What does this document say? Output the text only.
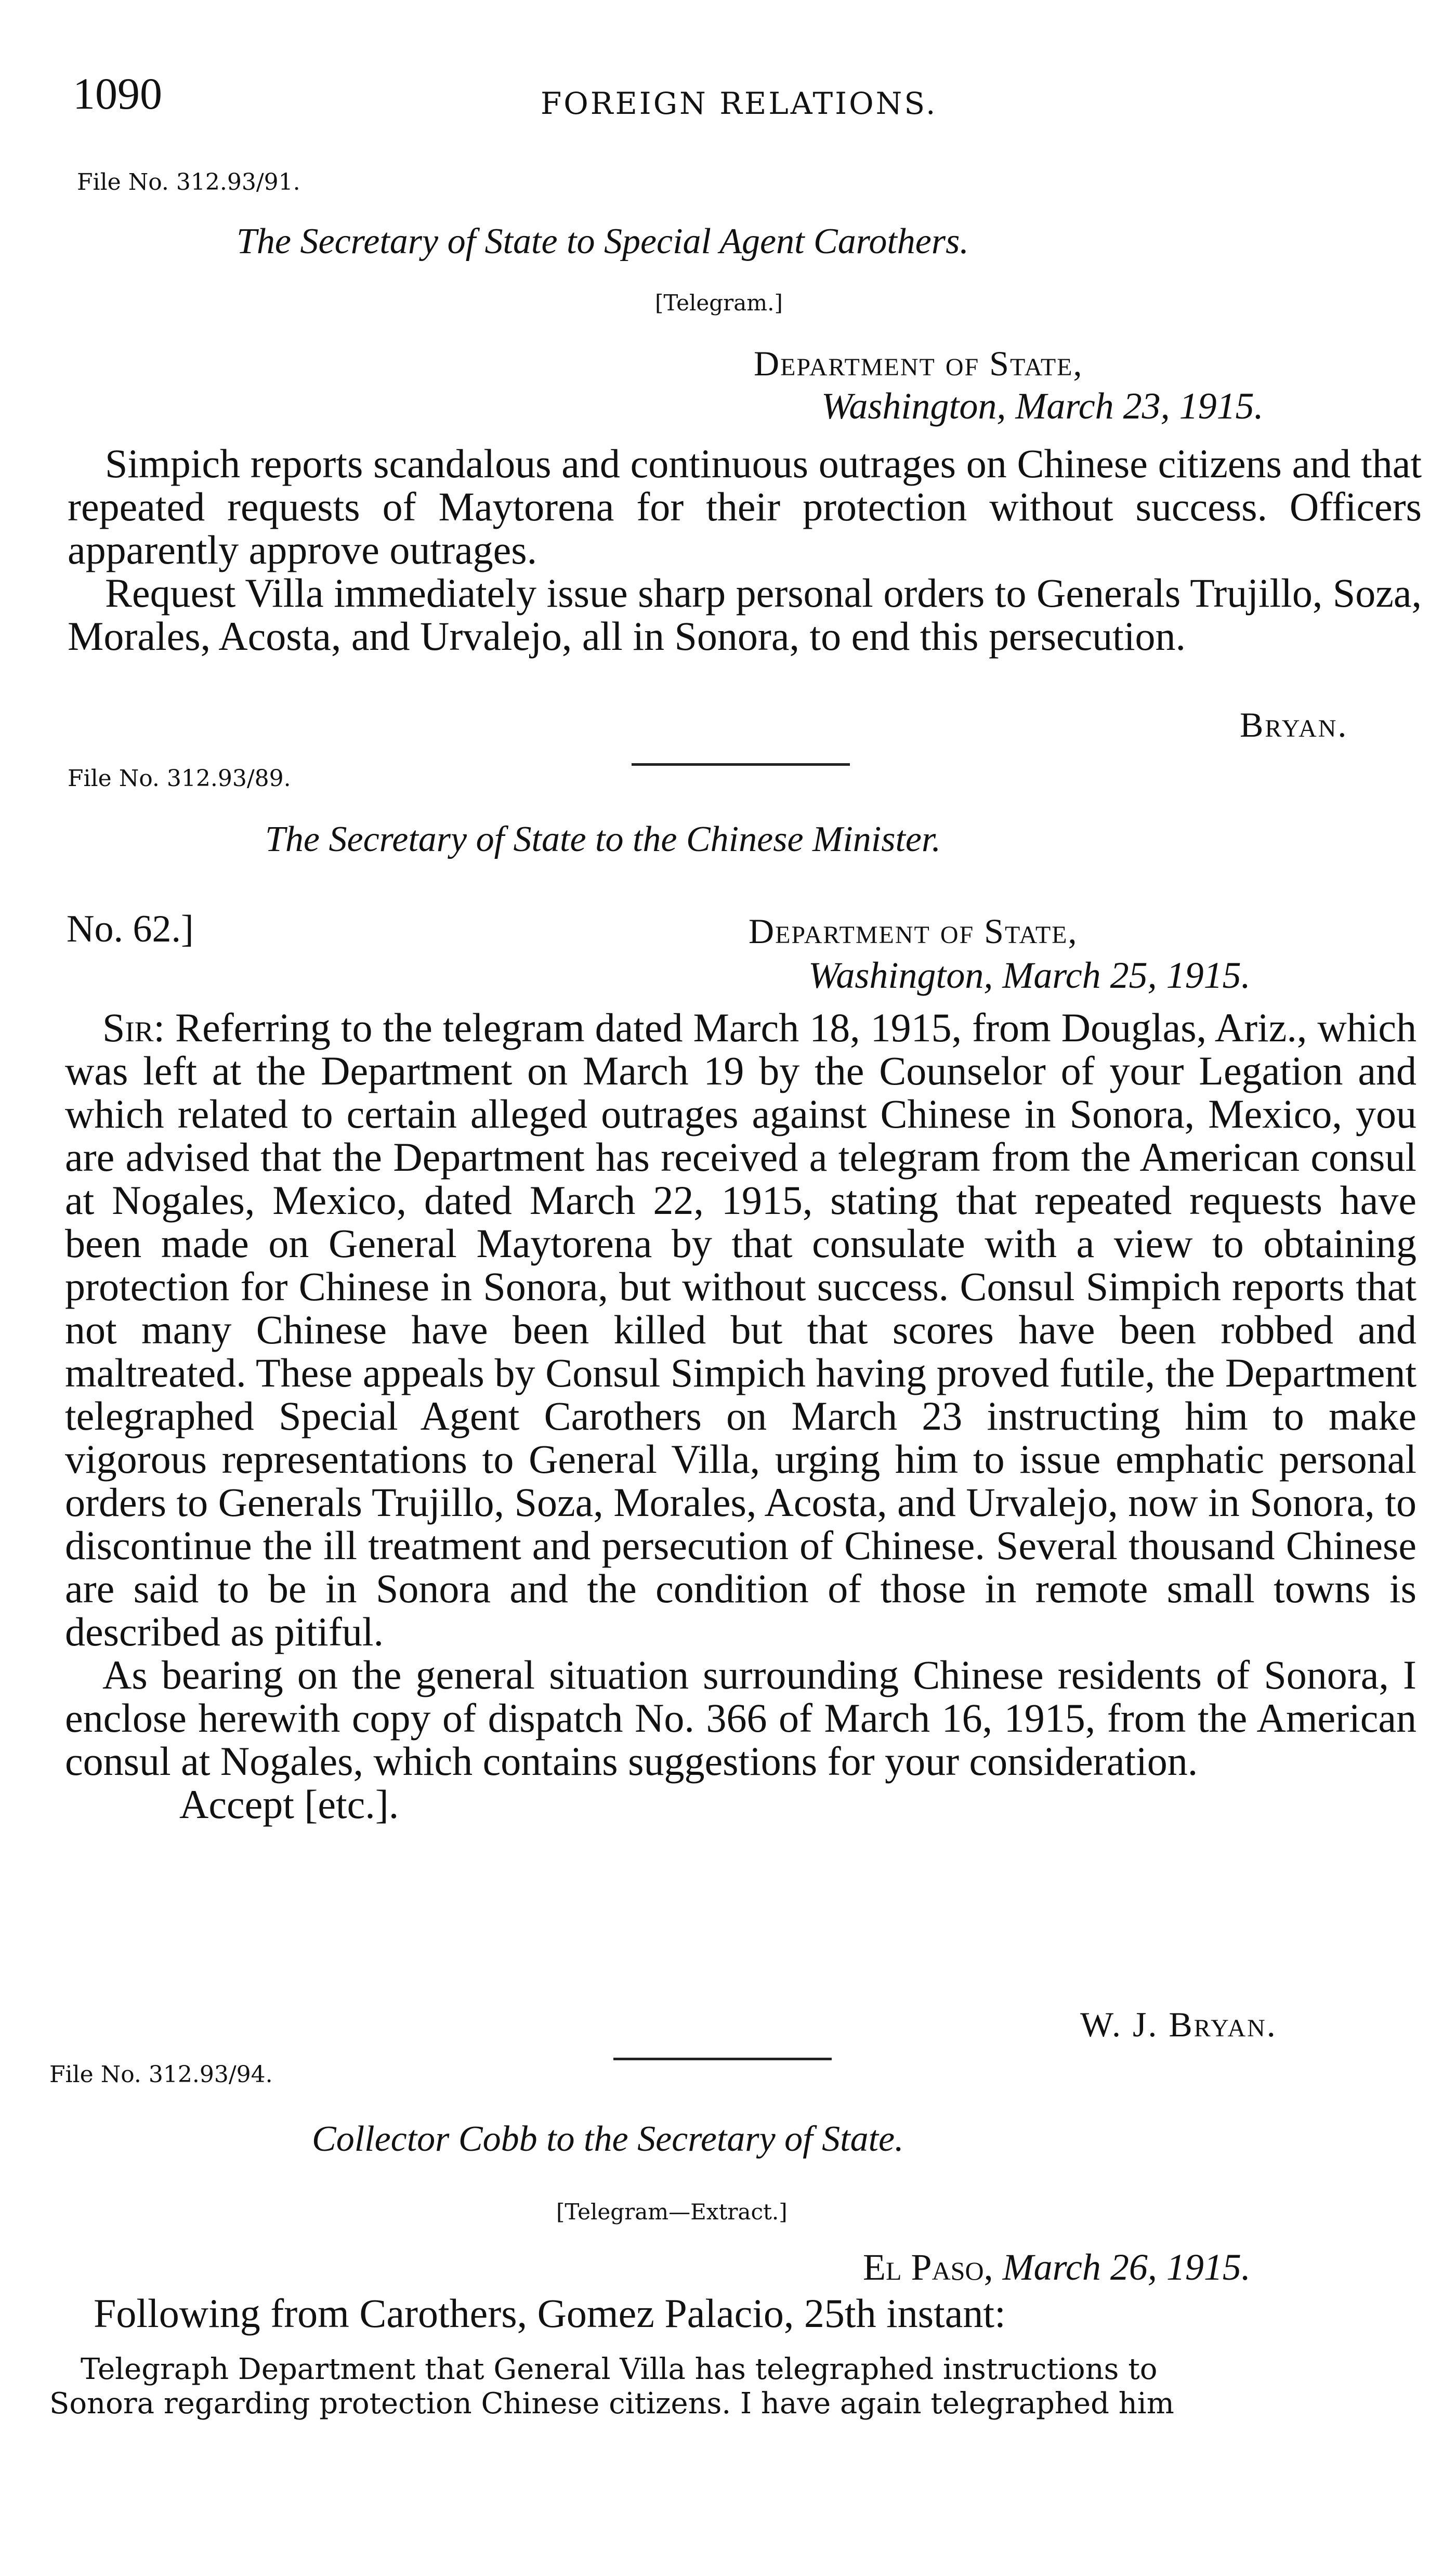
1090	FOREIGN RELATIONS.
File No. 312.93/91.
The Secretary of State to Special Agent Carothers.
[Telegram.]
Department of State,
Washington, March 23, 1915.

Simpich reports scandalous and continuous outrages on Chinese citizens and that repeated requests of Maytorena for their protection without success. Officers apparently approve outrages.

Request Villa immediately issue sharp personal orders to Generals Trujillo, Soza, Morales, Acosta, and Urvalejo, all in Sonora, to end this persecution.

Bryan.
File No. 312.93/89.
The Secretary of State to the Chinese Minister.
No. 62.]	Department of State,
Washington, March 25, 1915.

Sir: Referring to the telegram dated March 18, 1915, from Douglas, Ariz., which was left at the Department on March 19 by the Counselor of your Legation and which related to certain alleged outrages against Chinese in Sonora, Mexico, you are advised that the Department has received a telegram from the American consul at Nogales, Mexico, dated March 22, 1915, stating that repeated requests have been made on General Maytorena by that consulate with a view to obtaining protection for Chinese in Sonora, but without success. Consul Simpich reports that not many Chinese have been killed but that scores have been robbed and maltreated. These appeals by Consul Simpich having proved futile, the Department telegraphed Special Agent Carothers on March 23 instructing him to make vigorous representations to General Villa, urging him to issue emphatic personal orders to Generals Trujillo, Soza, Morales, Acosta, and Urvalejo, now in Sonora, to discontinue the ill treatment and persecution of Chinese. Several thousand Chinese are said to be in Sonora and the condition of those in remote small towns is described as pitiful.

As bearing on the general situation surrounding Chinese residents of Sonora, I enclose herewith copy of dispatch No. 366 of March 16, 1915, from the American consul at Nogales, which contains suggestions for your consideration.

Accept [etc.].

W. J. Bryan.
File No. 312.93/94.
Collector Cobb to the Secretary of State.
[Telegram—Extract.]
El Paso, March 26, 1915.
Following from Carothers, Gomez Palacio, 25th instant:
Telegraph Department that General Villa has telegraphed instructions to
Sonora regarding protection Chinese citizens. I have again telegraphed him
